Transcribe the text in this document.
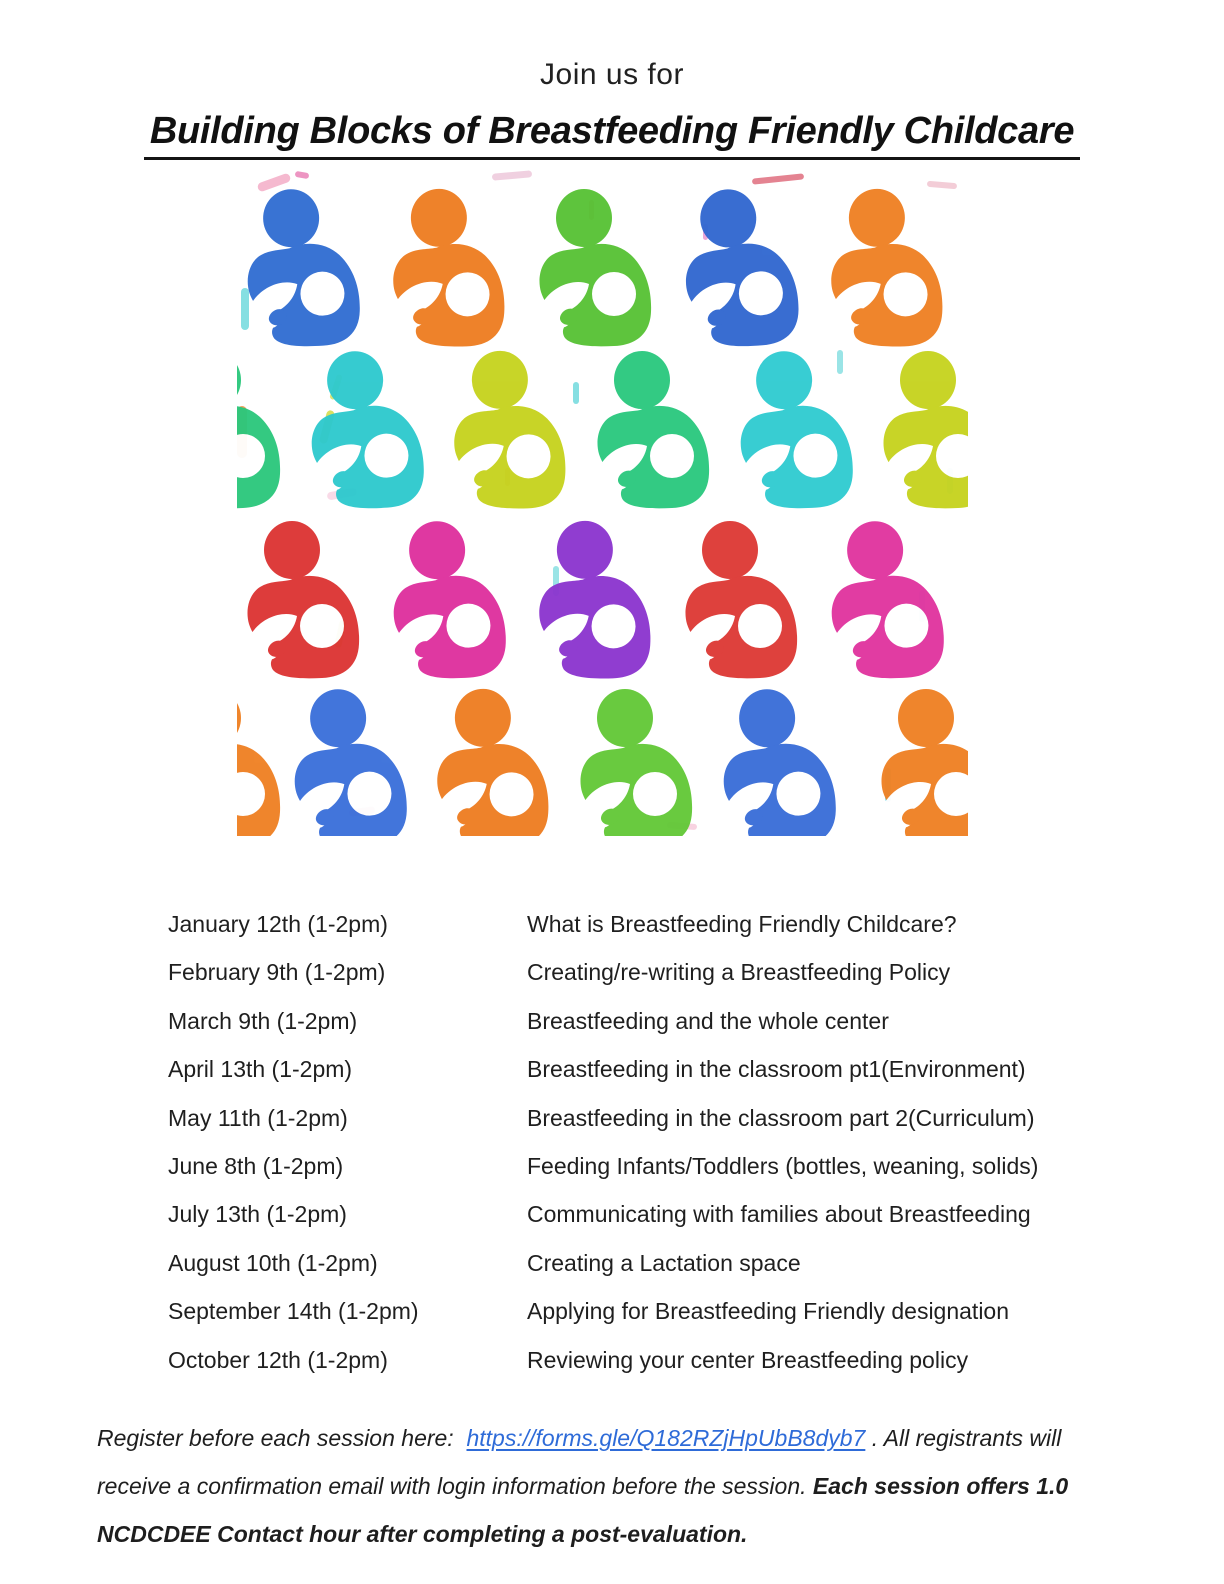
Join us for
Building Blocks of Breastfeeding Friendly Childcare
January 12th (1-2pm)	What is Breastfeeding Friendly Childcare?
February 9th (1-2pm)	Creating/re-writing a Breastfeeding Policy
March 9th (1-2pm)	Breastfeeding and the whole center
April 13th (1-2pm)	Breastfeeding in the classroom pt1(Environment)
May 11th (1-2pm)	Breastfeeding in the classroom part 2(Curriculum)
June 8th (1-2pm)	Feeding Infants/Toddlers (bottles, weaning, solids)
July 13th (1-2pm)	Communicating with families about Breastfeeding
August 10th (1-2pm)	Creating a Lactation space
September 14th (1-2pm)	Applying for Breastfeeding Friendly designation
October 12th (1-2pm)	Reviewing your center Breastfeeding policy
Register before each session here:  https://forms.gle/Q182RZjHpUbB8dyb7 . All registrants will
receive a confirmation email with login information before the session. Each session offers 1.0
NCDCDEE Contact hour after completing a post-evaluation.
